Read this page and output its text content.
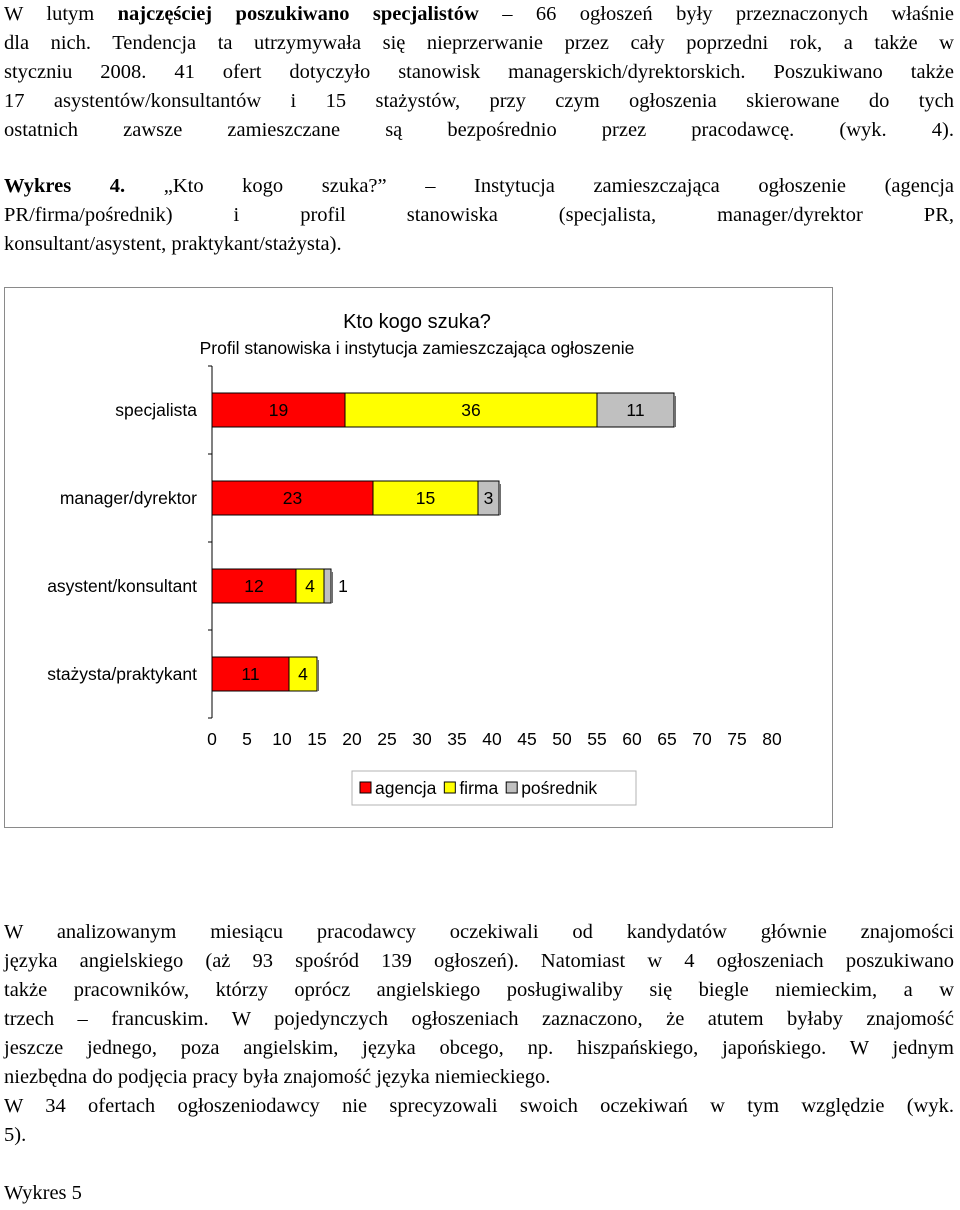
W lutym najczęściej poszukiwano specjalistów – 66 ogłoszeń były przeznaczonych właśnie
dla nich. Tendencja ta utrzymywała się nieprzerwanie przez cały poprzedni rok, a także w
styczniu 2008. 41 ofert dotyczyło stanowisk managerskich/dyrektorskich. Poszukiwano także
17 asystentów/konsultantów i 15 stażystów, przy czym ogłoszenia skierowane do tych
ostatnich zawsze zamieszczane są bezpośrednio przez pracodawcę. (wyk. 4).
Wykres 4. „Kto kogo szuka?” – Instytucja zamieszczająca ogłoszenie (agencja
PR/firma/pośrednik) i profil stanowiska (specjalista, manager/dyrektor PR,
konsultant/asystent, praktykant/stażysta).
Kto kogo szuka?
Profil stanowiska i instytucja zamieszczająca ogłoszenie
specjalista	19	36	11
manager/dyrektor	23	15	3
asystent/konsultant	12 4 1
stażysta/praktykant	11 4
0 5 10 15 20 25 30 35 40 45 50 55 60 65 70 75 80
agencja firma pośrednik
W analizowanym miesiącu pracodawcy oczekiwali od kandydatów głównie znajomości
języka angielskiego (aż 93 spośród 139 ogłoszeń). Natomiast w 4 ogłoszeniach poszukiwano
także pracowników, którzy oprócz angielskiego posługiwaliby się biegle niemieckim, a w
trzech – francuskim. W pojedynczych ogłoszeniach zaznaczono, że atutem byłaby znajomość
jeszcze jednego, poza angielskim, języka obcego, np. hiszpańskiego, japońskiego. W jednym
niezbędna do podjęcia pracy była znajomość języka niemieckiego.
W 34 ofertach ogłoszeniodawcy nie sprecyzowali swoich oczekiwań w tym względzie (wyk.
5).
Wykres 5
